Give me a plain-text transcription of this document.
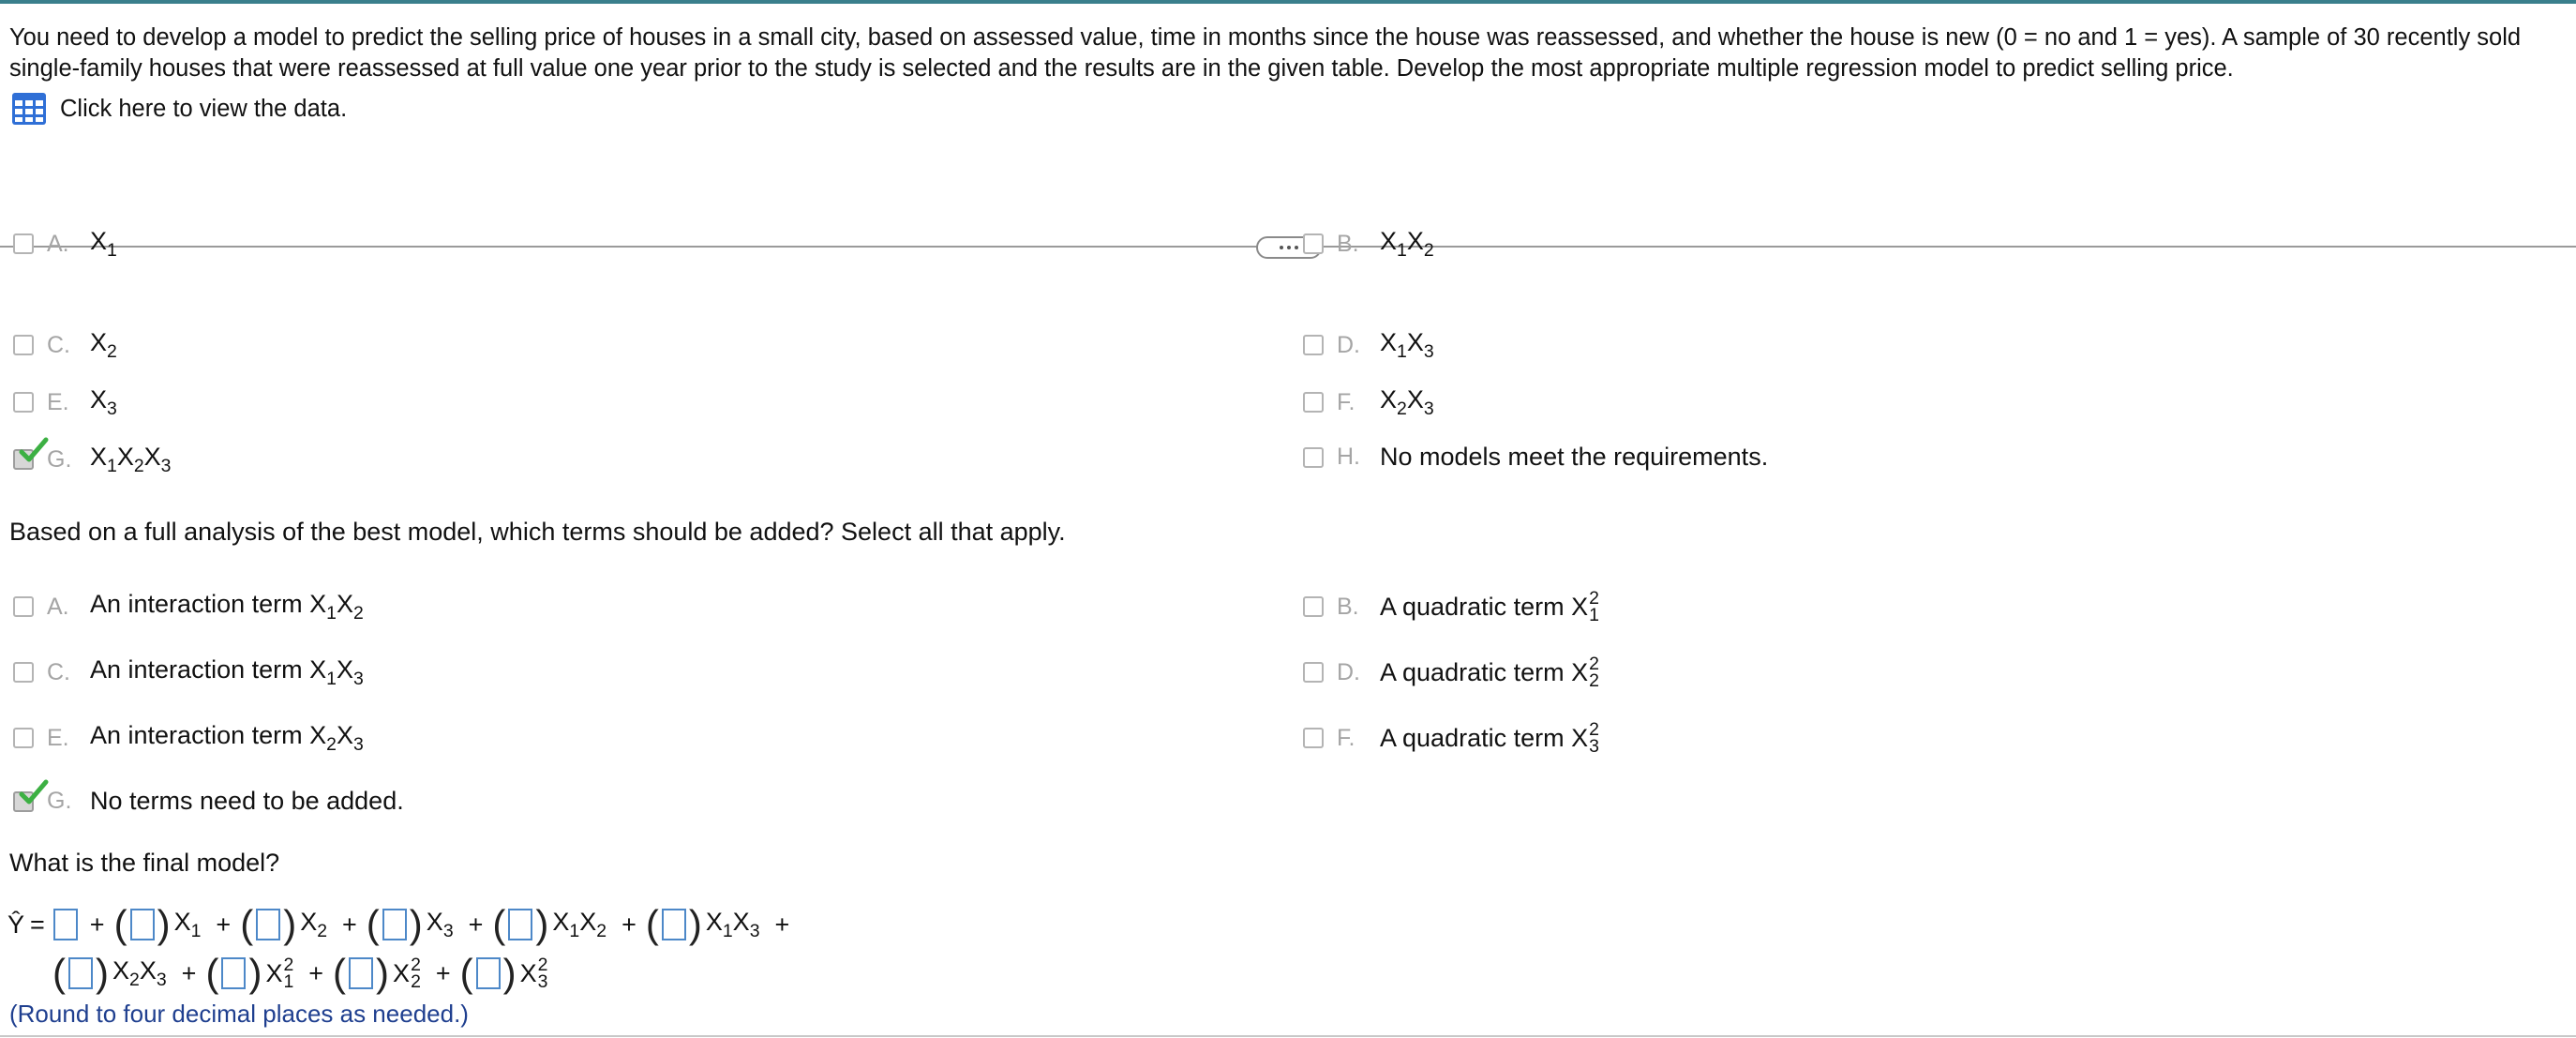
You need to develop a model to predict the selling price of houses in a small city, based on assessed value, time in months since the house was reassessed, and whether the house is new (0 = no and 1 = yes). A sample of 30 recently sold single-family houses that were reassessed at full value one year prior to the study is selected and the results are in the given table. Develop the most appropriate multiple regression model to predict selling price.
Click here to view the data.
A. $X_1$	B. $X_1X_2$
C. $X_2$	D. $X_1X_3$
E. $X_3$	F. $X_2X_3$
G. $X_1X_2X_3$	H. No models meet the requirements.
Based on a full analysis of the best model, which terms should be added? Select all that apply.
A. An interaction term $X_1X_2$	B. A quadratic term X 2
1
C. An interaction term $X_1X_3$	D. A quadratic term X 2
2
E. An interaction term $X_2X_3$	F. A quadratic term X 2
3
G. No terms need to be added.
What is the final model?
Ŷ = + ( ) $X_1$ + ( ) $X_2$ + ( ) $X_3$ + ( ) $X_1X_2$ + ( ) $X_1X_3$ +
( ) $X_2X_3$ + ( ) X 2
1 + ( ) X 2
2 + ( ) X 2
3
(Round to four decimal places as needed.)
